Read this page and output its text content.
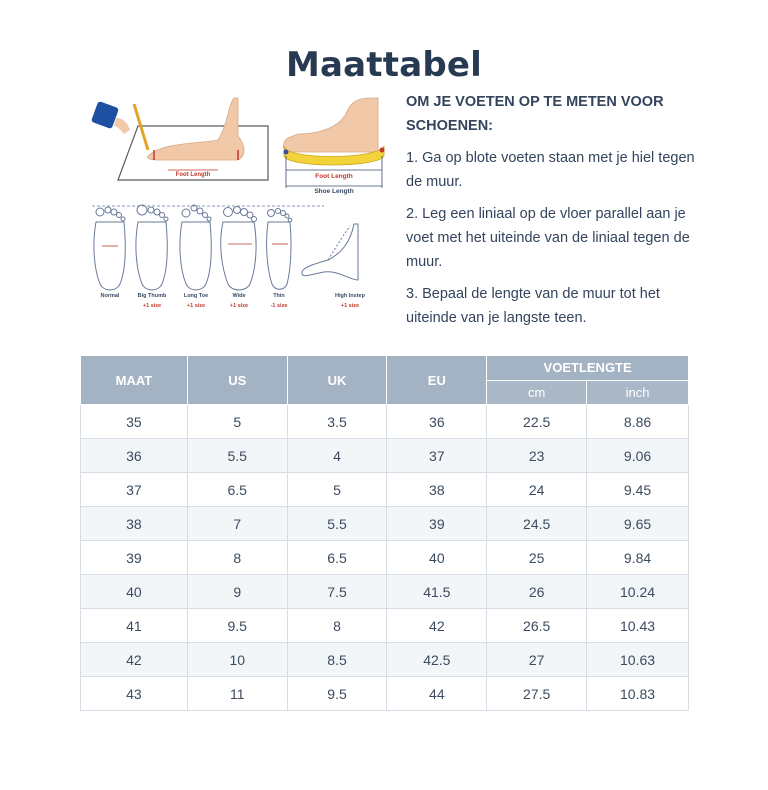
Maattabel
Foot Length	Foot Length
Shoe Length
Normal	Big Thumb
+1 size
Long Toe
+1 size
Wide
+1 size
Thin
-1 size
High Instep
+1 size
OM JE VOETEN OP TE METEN VOOR SCHOENEN:

1. Ga op blote voeten staan met je hiel tegen de muur.

2. Leg een liniaal op de vloer parallel aan je voet met het uiteinde van de liniaal tegen de muur.

3. Bepaal de lengte van de muur tot het uiteinde van je langste teen.

MAAT	US	UK	EU	VOETLENGTE	
				cm	inch
35	5	3.5	36	22.5	8.86
36	5.5	4	37	23	9.06
37	6.5	5	38	24	9.45
38	7	5.5	39	24.5	9.65
39	8	6.5	40	25	9.84
40	9	7.5	41.5	26	10.24
41	9.5	8	42	26.5	10.43
42	10	8.5	42.5	27	10.63
43	11	9.5	44	27.5	10.83
